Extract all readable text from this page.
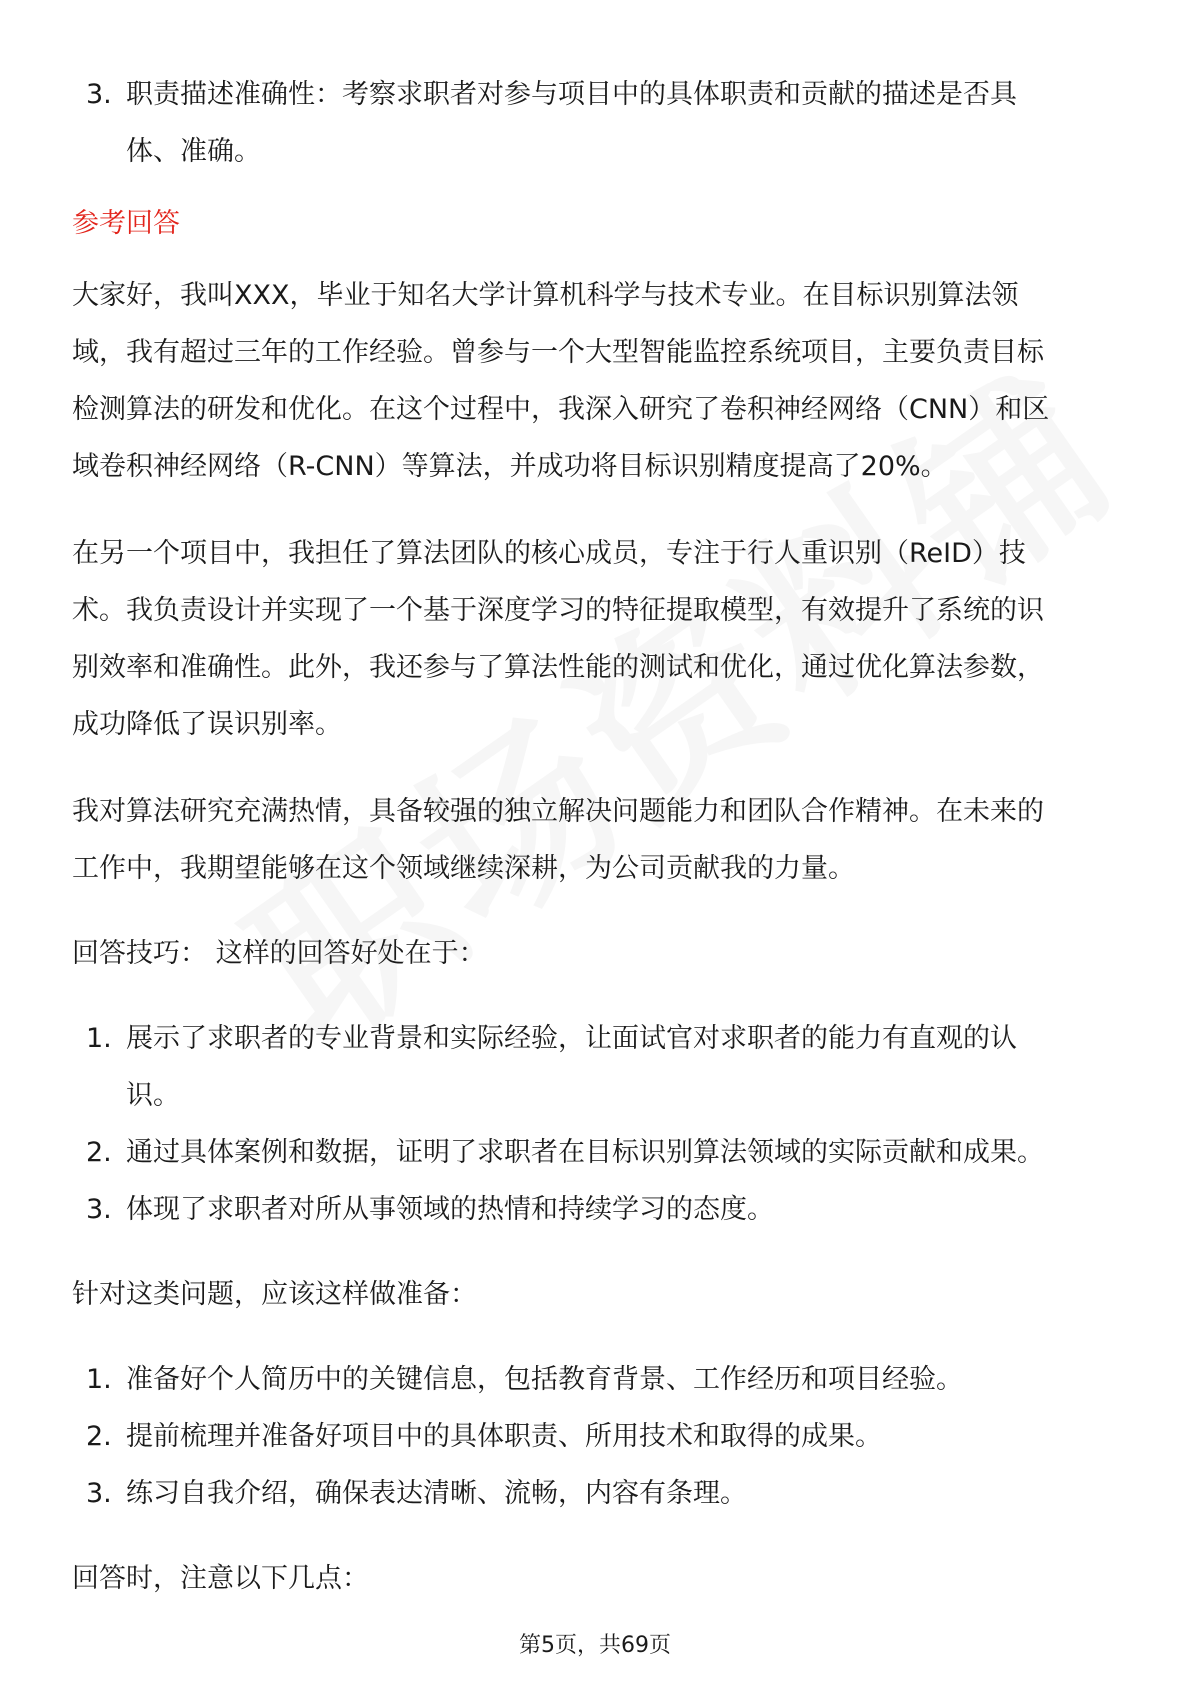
3. 职责描述准确性：考察求职者对参与项目中的具体职责和贡献的描述是否具
体、准确。
参考回答

大家好，我叫XXX，毕业于知名大学计算机科学与技术专业。在目标识别算法领
域，我有超过三年的工作经验。曾参与一个大型智能监控系统项目，主要负责目标
检测算法的研发和优化。在这个过程中，我深入研究了卷积神经网络（CNN）和区
域卷积神经网络（R-CNN）等算法，并成功将目标识别精度提高了20%。

在另一个项目中，我担任了算法团队的核心成员，专注于行人重识别（ReID）技
术。我负责设计并实现了一个基于深度学习的特征提取模型，有效提升了系统的识
别效率和准确性。此外，我还参与了算法性能的测试和优化，通过优化算法参数，
成功降低了误识别率。

我对算法研究充满热情，具备较强的独立解决问题能力和团队合作精神。在未来的
工作中，我期望能够在这个领域继续深耕，为公司贡献我的力量。

回答技巧： 这样的回答好处在于：

1. 展示了求职者的专业背景和实际经验，让面试官对求职者的能力有直观的认
识。
2. 通过具体案例和数据，证明了求职者在目标识别算法领域的实际贡献和成果。
3. 体现了求职者对所从事领域的热情和持续学习的态度。

针对这类问题，应该这样做准备：

1. 准备好个人简历中的关键信息，包括教育背景、工作经历和项目经验。
2. 提前梳理并准备好项目中的具体职责、所用技术和取得的成果。
3. 练习自我介绍，确保表达清晰、流畅，内容有条理。

回答时，注意以下几点：

第5页，共69页
